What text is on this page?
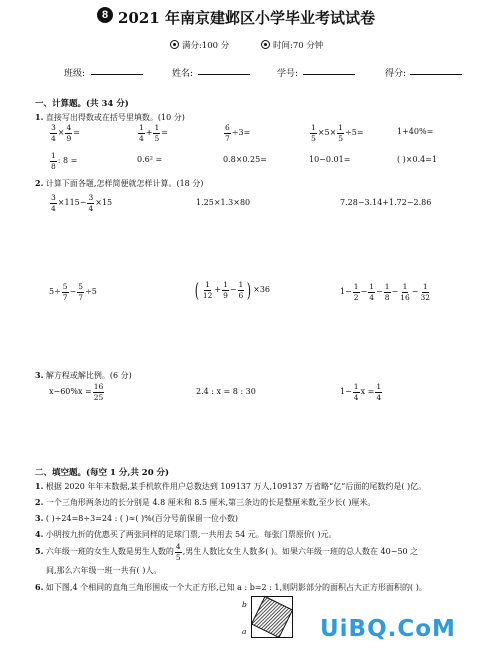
8 2021 年南京建邺区小学毕业考试试卷
满分:100 分	时间:70 分钟
班级:	姓名:	学号:	得分:
一、计算题。(共 34 分)
1. 直接写出得数或在括号里填数。(10 分)
$\frac{3}{4} \times \frac{4}{9}$ =	$\frac{1}{4} + \frac{1}{5}$ =	$\frac{6}{7} \div 3=$	$\frac{1}{5} \times 5\times \frac{1}{5} \div 5=$	1+40%=
$\frac{1}{8}$ : 8 =	0.6² =	0.8×0.25=	10−0.01=	( )×0.4=1
2. 计算下面各题,怎样简便就怎样计算。(18 分)
$\frac{3}{4} \times 115- \frac{3}{4} \times 15$	1.25×1.3×80	7.28−3.14+1.72−2.86
$5\div \frac{5}{7} - \frac{5}{7} \div 5$	( $\frac{1}{12} + \frac{1}{9} - \frac{1}{6}$ ) ×36	$1- \frac{1}{2} - \frac{1}{4} - \frac{1}{8} - \frac{1}{16} - \frac{1}{32}$
3. 解方程或解比例。(6 分)
$x-60\%x = \frac{16}{25}$	2.4 : x = 8 : 30	$1- \frac{1}{4}$ $x = \frac{1}{4}$
二、填空题。(每空 1 分,共 20 分)
1. 根据 2020 年年末数据,某手机软件用户总数达到 109137 万人,109137 万省略“亿”后面的尾数约是( )亿。
2. 一个三角形两条边的长分别是 4.8 厘米和 8.5 厘米,第三条边的长是整厘米数,至少长( )厘米。
3. ( )÷24=8÷3=24 : ( )≈( )%(百分号前保留一位小数)
4. 小明按九折的优惠买了两张同样的足球门票,一共用去 54 元。每张门票原价( )元。
5. 六年级一班的女生人数是男生人数的 $\frac{4}{5}$ ,男生人数比女生人数多( )。如果六年级一班的总人数在 40~50 之
间,那么六年级一班一共有( )人。
6. 如下图,4 个相同的直角三角形围成一个大正方形,已知 a : b=2 : 1,则阴影部分的面积占大正方形面积的( )。
b
a	UiBQ.CoM
